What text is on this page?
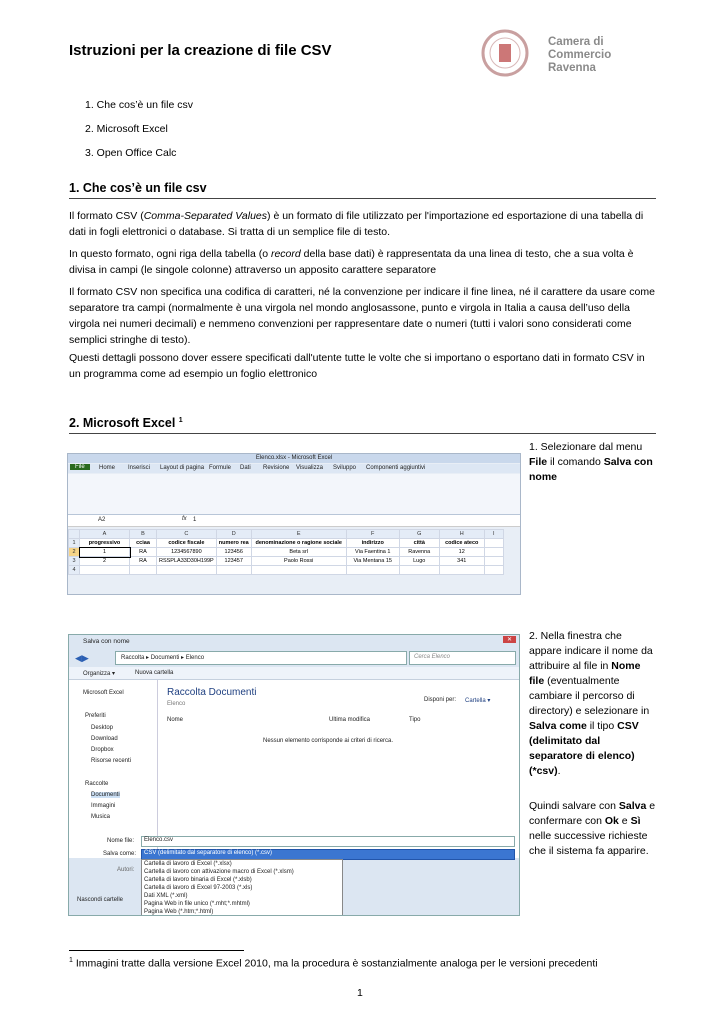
Istruzioni per la creazione di file CSV	Camera di Commercio
Ravenna
1. Che cos’è un file csv
2. Microsoft Excel
3. Open Office Calc
1. Che cos’è un file csv
Il formato CSV (Comma-Separated Values) è un formato di file utilizzato per l'importazione ed esportazione di una tabella di dati in fogli elettronici o database. Si tratta di un semplice file di testo.
In questo formato, ogni riga della tabella (o record della base dati) è rappresentata da una linea di testo, che a sua volta è divisa in campi (le singole colonne) attraverso un apposito carattere separatore
Il formato CSV non specifica una codifica di caratteri, né la convenzione per indicare il fine linea, né il carattere da usare come separatore tra campi (normalmente è una virgola nel mondo anglosassone, punto e virgola in Italia a causa dell’uso della virgola nei numeri decimali) e nemmeno convenzioni per rappresentare date o numeri (tutti i valori sono considerati come semplici stringhe di testo).
Questi dettagli possono dover essere specificati dall'utente tutte le volte che si importano o esportano dati in formato CSV in un programma come ad esempio un foglio elettronico
2. Microsoft Excel $^1$
Elenco.xlsx - Microsoft Excel
File	Home Inserisci Layout di pagina Formule Dati Revisione Visualizza Sviluppo Componenti aggiuntivi
A2	fx 1
	A	B	C	D	E	F	G	H	I
1	progressivo	cciaa	codice fiscale	numero rea	denominazione o ragione sociale	indirizzo	città	codice ateco	
2	1	RA	1234567890	123456	Beta srl	Via Faentina 1	Ravenna	12	
3	2	RA	RSSPLA33D30H199P	123457	Paolo Rossi	Via Mentana 15	Lugo	341	
4									
1. Selezionare dal menu File il comando Salva con nome
Salva con nome	✕
◀▶	Raccolta ▸ Documenti ▸ Elenco	Cerca Elenco
Organizza ▾	Nuova cartella
Microsoft Excel
Preferiti
Desktop
Download
Dropbox
Risorse recenti
Raccolte
Documenti
Immagini
Musica
Raccolta Documenti
Elenco
Disponi per: Cartella ▾
Nome	Ultima modifica	Tipo
Nessun elemento corrisponde ai criteri di ricerca.
Nome file: Elenco.csv
Salva come: CSV (delimitato dal separatore di elenco) (*.csv)
Autori:
Cartella di lavoro di Excel (*.xlsx)
Cartella di lavoro con attivazione macro di Excel (*.xlsm)
Cartella di lavoro binaria di Excel (*.xlsb)
Cartella di lavoro di Excel 97-2003 (*.xls)
Dati XML (*.xml)
Pagina Web in file unico (*.mht;*.mhtml)
Pagina Web (*.htm;*.html)
Nascondi cartelle
2. Nella finestra che appare indicare il nome da attribuire al file in Nome file (eventualmente cambiare il percorso di directory) e selezionare in Salva come il tipo CSV (delimitato dal separatore di elenco) (*csv).
Quindi salvare con Salva e confermare con Ok e Sì nelle successive richieste che il sistema fa apparire.
$^1$ Immagini tratte dalla versione Excel 2010, ma la procedura è sostanzialmente analoga per le versioni precedenti
1
